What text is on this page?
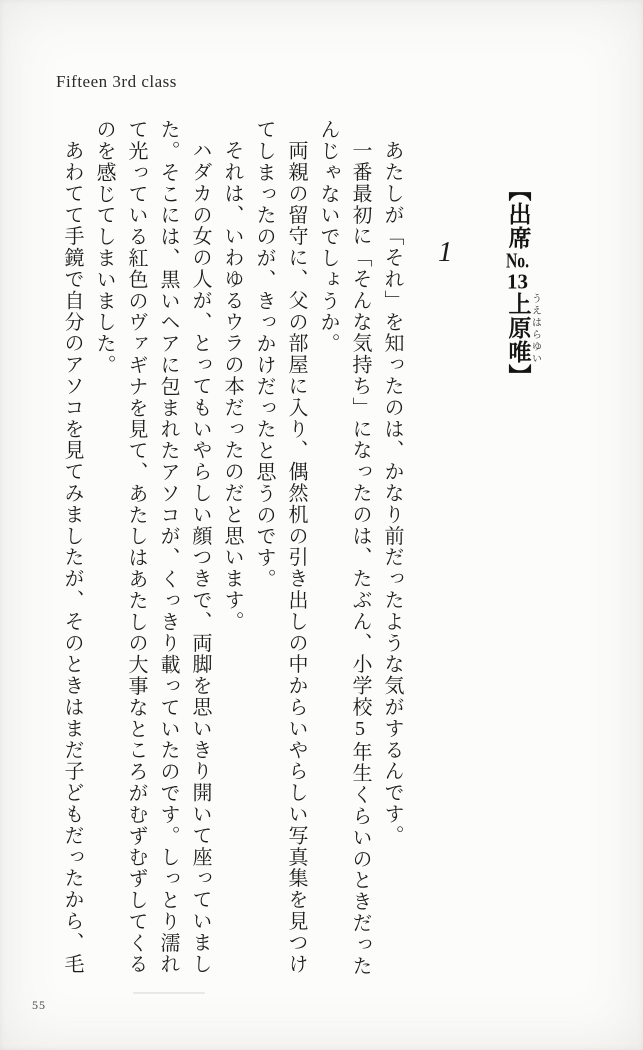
Fifteen 3rd class
【出席No.13上原 うえはら唯 ゆい】
1

あたしが「それ」を知ったのは、かなり前だったような気がするんです。

一番最初に「そんな気持ち」になったのは、たぶん、小学校5年生くらいのときだったんじゃないでしょうか。

両親の留守に、父の部屋に入り、偶然机の引き出しの中からいやらしい写真集を見つけてしまったのが、きっかけだったと思うのです。

それは、いわゆるウラの本だったのだと思います。

ハダカの女の人が、とってもいやらしい顔つきで、両脚を思いきり開いて座っていました。そこには、黒いヘアに包まれたアソコが、くっきり載っていたのです。しっとり濡れて光っている紅色のヴァギナを見て、あたしはあたしの大事なところがむずむずしてくるのを感じてしまいました。

あわてて手鏡で自分のアソコを見てみましたが、そのときはまだ子どもだったから、毛

55
